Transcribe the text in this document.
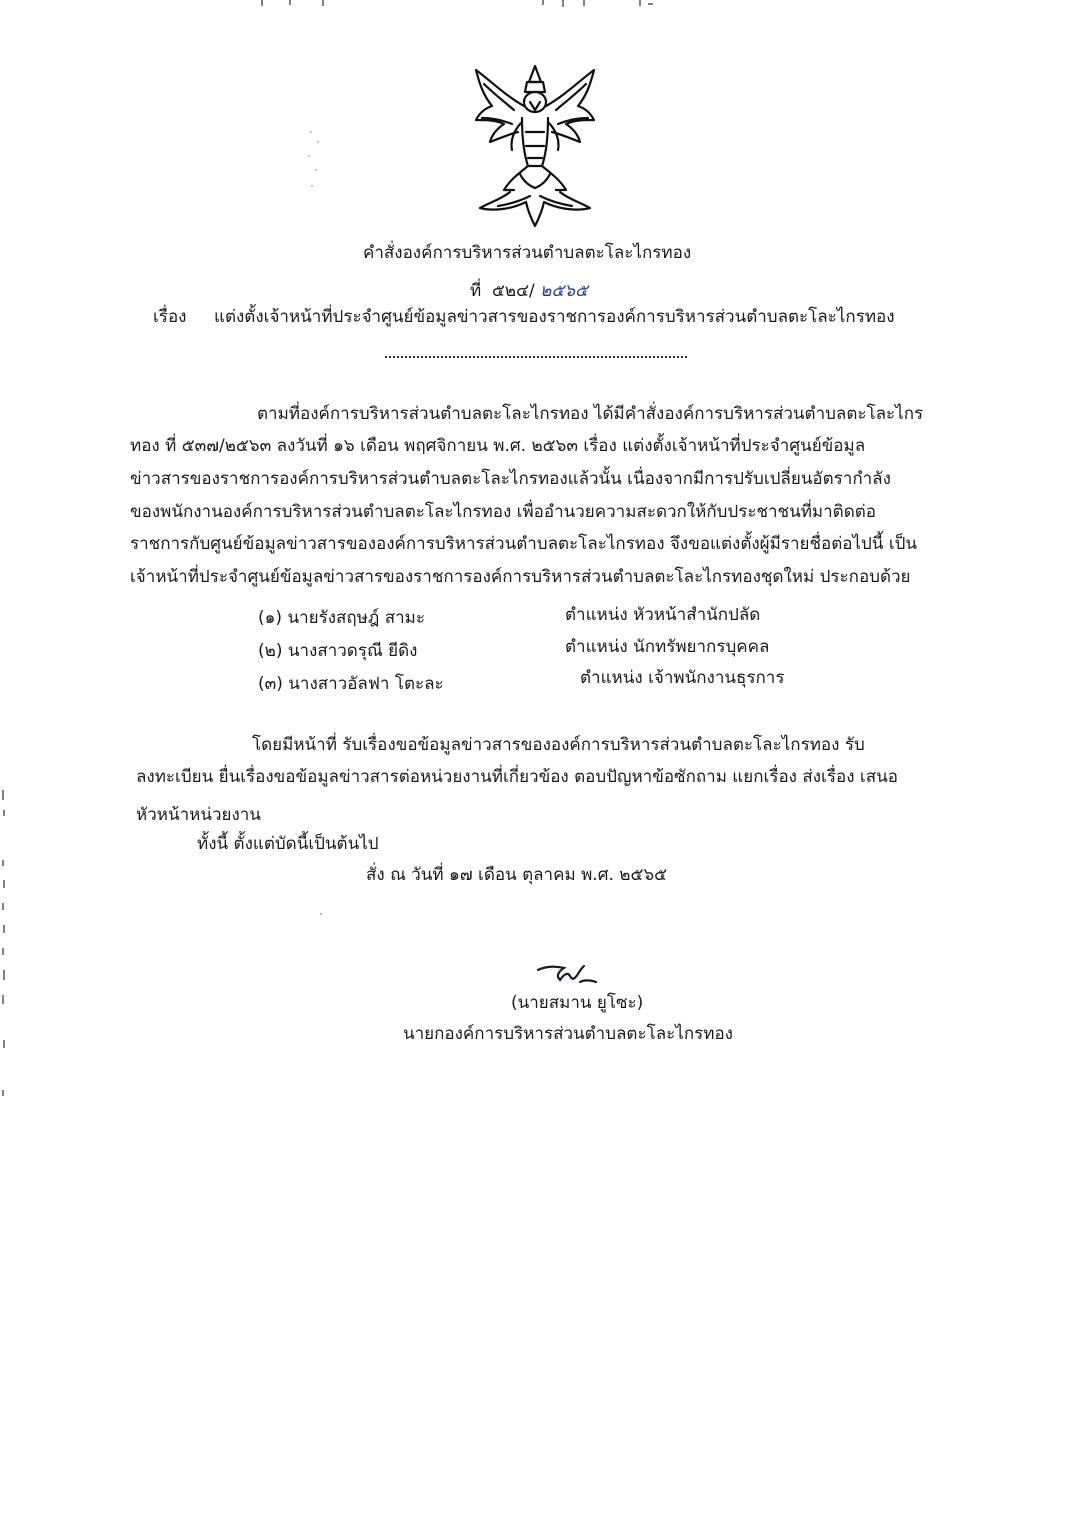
คำสั่งองค์การบริหารส่วนตำบลตะโละไกรทอง
ที่ ๕๒๔/ ๒๕๖๕
เรื่อง แต่งตั้งเจ้าหน้าที่ประจำศูนย์ข้อมูลข่าวสารของราชการองค์การบริหารส่วนตำบลตะโละไกรทอง
ตามที่องค์การบริหารส่วนตำบลตะโละไกรทอง ได้มีคำสั่งองค์การบริหารส่วนตำบลตะโละไกร
ทอง ที่ ๕๓๗/๒๕๖๓ ลงวันที่ ๑๖ เดือน พฤศจิกายน พ.ศ. ๒๕๖๓ เรื่อง แต่งตั้งเจ้าหน้าที่ประจำศูนย์ข้อมูล
ข่าวสารของราชการองค์การบริหารส่วนตำบลตะโละไกรทองแล้วนั้น เนื่องจากมีการปรับเปลี่ยนอัตรากำลัง
ของพนักงานองค์การบริหารส่วนตำบลตะโละไกรทอง เพื่ออำนวยความสะดวกให้กับประชาชนที่มาติดต่อ
ราชการกับศูนย์ข้อมูลข่าวสารขององค์การบริหารส่วนตำบลตะโละไกรทอง จึงขอแต่งตั้งผู้มีรายชื่อต่อไปนี้ เป็น
เจ้าหน้าที่ประจำศูนย์ข้อมูลข่าวสารของราชการองค์การบริหารส่วนตำบลตะโละไกรทองชุดใหม่ ประกอบด้วย
(๑) นายรังสฤษฎ์ สามะ	ตำแหน่ง หัวหน้าสำนักปลัด
(๒) นางสาวดรุณี ยีดิง	ตำแหน่ง นักทรัพยากรบุคคล
(๓) นางสาวอัลฟา โตะละ	ตำแหน่ง เจ้าพนักงานธุรการ
โดยมีหน้าที่ รับเรื่องขอข้อมูลข่าวสารขององค์การบริหารส่วนตำบลตะโละไกรทอง รับ
ลงทะเบียน ยื่นเรื่องขอข้อมูลข่าวสารต่อหน่วยงานที่เกี่ยวข้อง ตอบปัญหาข้อซักถาม แยกเรื่อง ส่งเรื่อง เสนอ
หัวหน้าหน่วยงาน
ทั้งนี้ ตั้งแต่บัดนี้เป็นต้นไป
สั่ง ณ วันที่ ๑๗ เดือน ตุลาคม พ.ศ. ๒๕๖๕
(นายสมาน ยูโซะ)
นายกองค์การบริหารส่วนตำบลตะโละไกรทอง
